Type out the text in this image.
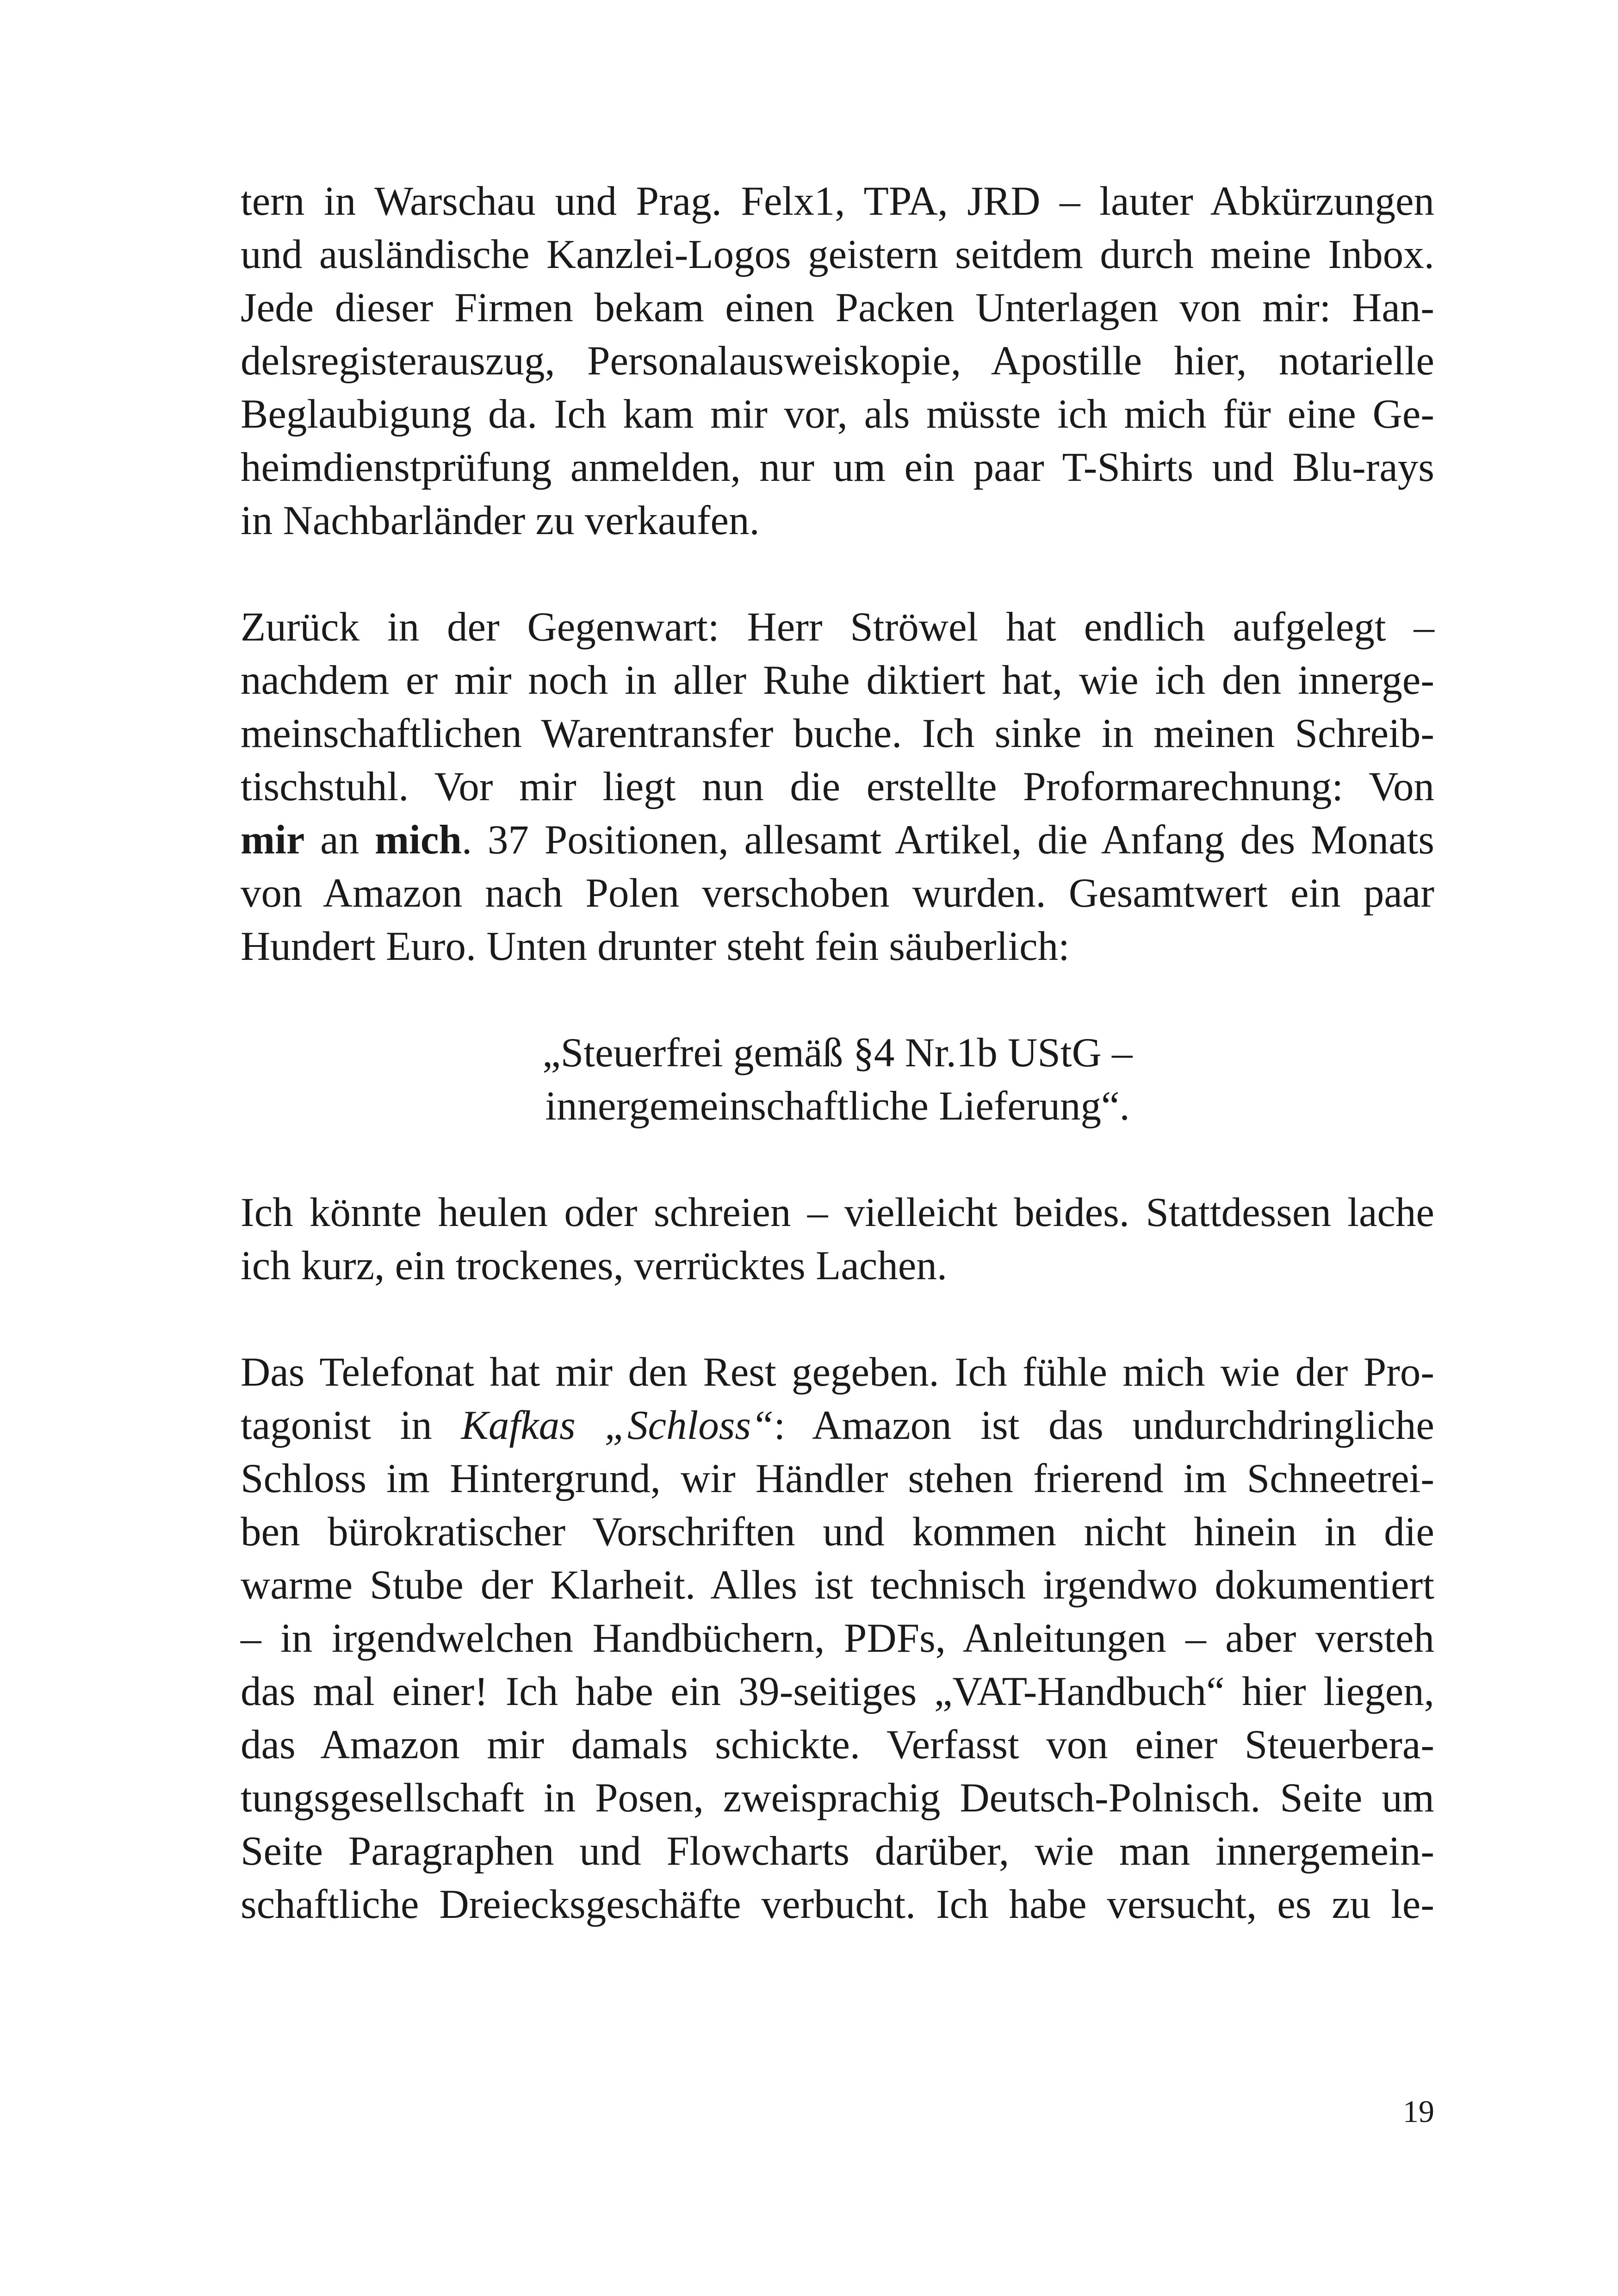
tern in Warschau und Prag. Felx1, TPA, JRD – lauter Abkürzungen
und ausländische Kanzlei-Logos geistern seitdem durch meine Inbox.
Jede dieser Firmen bekam einen Packen Unterlagen von mir: Han-
delsregisterauszug, Personalausweiskopie, Apostille hier, notarielle
Beglaubigung da. Ich kam mir vor, als müsste ich mich für eine Ge-
heimdienstprüfung anmelden, nur um ein paar T-Shirts und Blu-rays
in Nachbarländer zu verkaufen.
Zurück in der Gegenwart: Herr Ströwel hat endlich aufgelegt –
nachdem er mir noch in aller Ruhe diktiert hat, wie ich den innerge-
meinschaftlichen Warentransfer buche. Ich sinke in meinen Schreib-
tischstuhl. Vor mir liegt nun die erstellte Proformarechnung: Von
mir an mich. 37 Positionen, allesamt Artikel, die Anfang des Monats
von Amazon nach Polen verschoben wurden. Gesamtwert ein paar
Hundert Euro. Unten drunter steht fein säuberlich:
„Steuerfrei gemäß §4 Nr.1b UStG –
innergemeinschaftliche Lieferung“.
Ich könnte heulen oder schreien – vielleicht beides. Stattdessen lache
ich kurz, ein trockenes, verrücktes Lachen.
Das Telefonat hat mir den Rest gegeben. Ich fühle mich wie der Pro-
tagonist in Kafkas „Schloss“: Amazon ist das undurchdringliche
Schloss im Hintergrund, wir Händler stehen frierend im Schneetrei-
ben bürokratischer Vorschriften und kommen nicht hinein in die
warme Stube der Klarheit. Alles ist technisch irgendwo dokumentiert
– in irgendwelchen Handbüchern, PDFs, Anleitungen – aber versteh
das mal einer! Ich habe ein 39-seitiges „VAT-Handbuch“ hier liegen,
das Amazon mir damals schickte. Verfasst von einer Steuerbera-
tungsgesellschaft in Posen, zweisprachig Deutsch-Polnisch. Seite um
Seite Paragraphen und Flowcharts darüber, wie man innergemein-
schaftliche Dreiecksgeschäfte verbucht. Ich habe versucht, es zu le-
19
